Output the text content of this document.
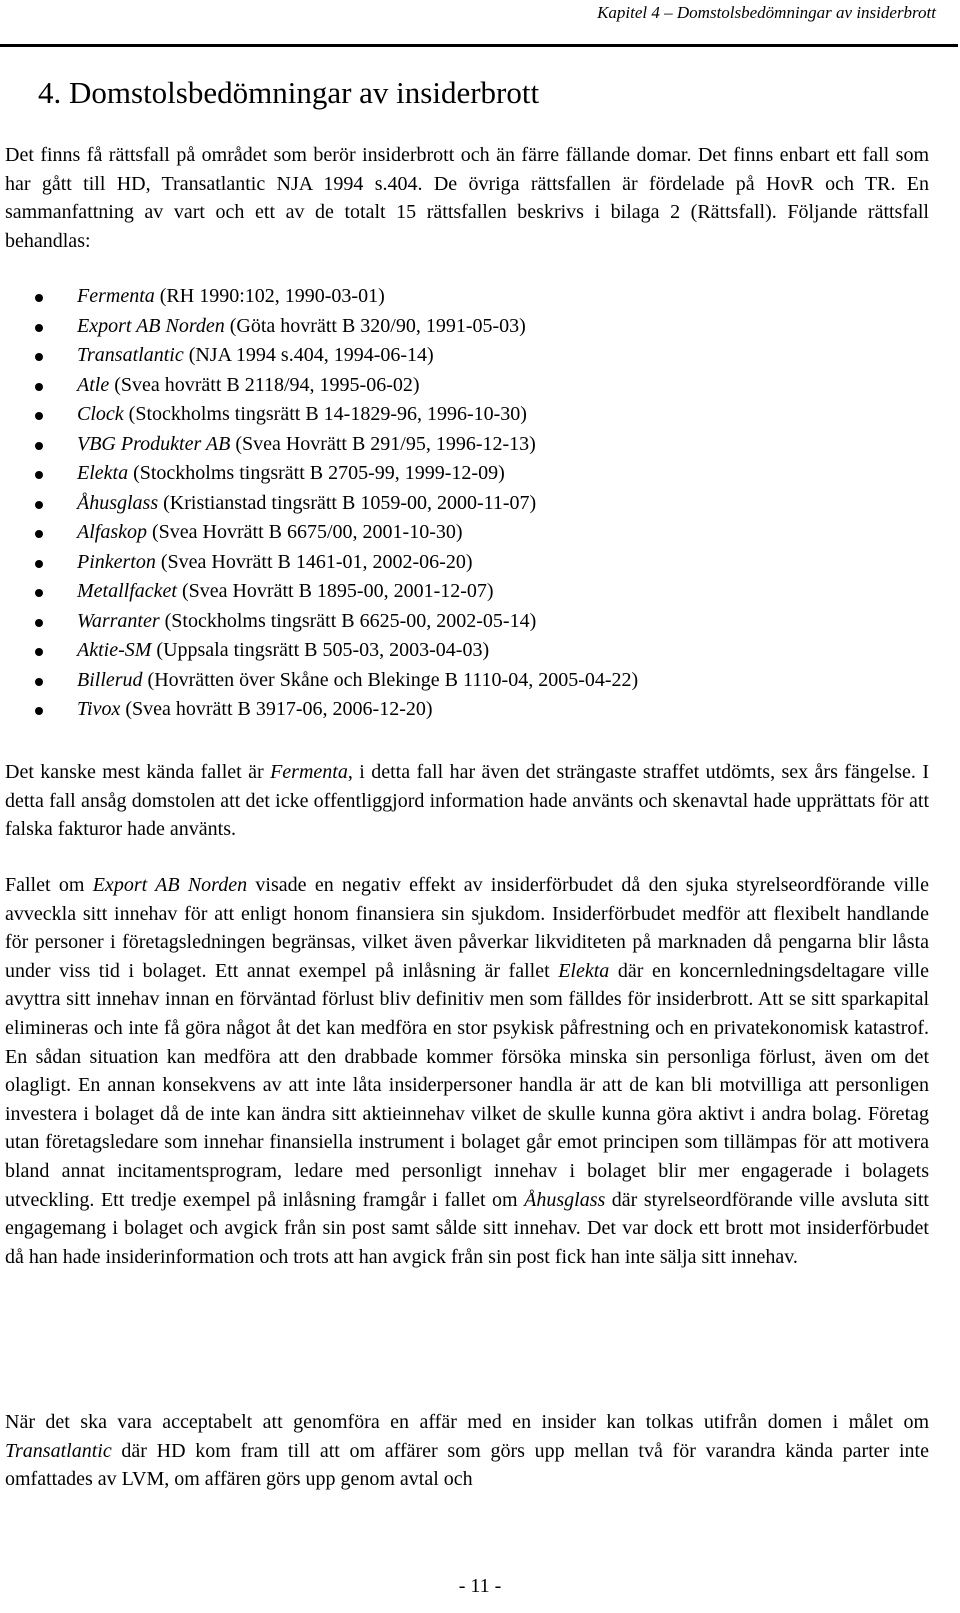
Kapitel 4 – Domstolsbedömningar av insiderbrott
4. Domstolsbedömningar av insiderbrott

Det finns få rättsfall på området som berör insiderbrott och än färre fällande domar. Det finns enbart ett fall som har gått till HD, Transatlantic NJA 1994 s.404. De övriga rättsfallen är fördelade på HovR och TR. En sammanfattning av vart och ett av de totalt 15 rättsfallen beskrivs i bilaga 2 (Rättsfall). Följande rättsfall behandlas:

Fermenta (RH 1990:102, 1990-03-01)
Export AB Norden (Göta hovrätt B 320/90, 1991-05-03)
Transatlantic (NJA 1994 s.404, 1994-06-14)
Atle (Svea hovrätt B 2118/94, 1995-06-02)
Clock (Stockholms tingsrätt B 14-1829-96, 1996-10-30)
VBG Produkter AB (Svea Hovrätt B 291/95, 1996-12-13)
Elekta (Stockholms tingsrätt B 2705-99, 1999-12-09)
Åhusglass (Kristianstad tingsrätt B 1059-00, 2000-11-07)
Alfaskop (Svea Hovrätt B 6675/00, 2001-10-30)
Pinkerton (Svea Hovrätt B 1461-01, 2002-06-20)
Metallfacket (Svea Hovrätt B 1895-00, 2001-12-07)
Warranter (Stockholms tingsrätt B 6625-00, 2002-05-14)
Aktie-SM (Uppsala tingsrätt B 505-03, 2003-04-03)
Billerud (Hovrätten över Skåne och Blekinge B 1110-04, 2005-04-22)
Tivox (Svea hovrätt B 3917-06, 2006-12-20)

Det kanske mest kända fallet är Fermenta, i detta fall har även det strängaste straffet utdömts, sex års fängelse. I detta fall ansåg domstolen att det icke offentliggjord information hade använts och skenavtal hade upprättats för att falska fakturor hade använts.

Fallet om Export AB Norden visade en negativ effekt av insiderförbudet då den sjuka styrelseordförande ville avveckla sitt innehav för att enligt honom finansiera sin sjukdom. Insiderförbudet medför att flexibelt handlande för personer i företagsledningen begränsas, vilket även påverkar likviditeten på marknaden då pengarna blir låsta under viss tid i bolaget. Ett annat exempel på inlåsning är fallet Elekta där en koncernledningsdeltagare ville avyttra sitt innehav innan en förväntad förlust bliv definitiv men som fälldes för insiderbrott. Att se sitt sparkapital elimineras och inte få göra något åt det kan medföra en stor psykisk påfrestning och en privatekonomisk katastrof. En sådan situation kan medföra att den drabbade kommer försöka minska sin personliga förlust, även om det olagligt. En annan konsekvens av att inte låta insiderpersoner handla är att de kan bli motvilliga att personligen investera i bolaget då de inte kan ändra sitt aktieinnehav vilket de skulle kunna göra aktivt i andra bolag. Företag utan företagsledare som innehar finansiella instrument i bolaget går emot principen som tillämpas för att motivera bland annat incitamentsprogram, ledare med personligt innehav i bolaget blir mer engagerade i bolagets utveckling. Ett tredje exempel på inlåsning framgår i fallet om Åhusglass där styrelseordförande ville avsluta sitt engagemang i bolaget och avgick från sin post samt sålde sitt innehav. Det var dock ett brott mot insiderförbudet då han hade insiderinformation och trots att han avgick från sin post fick han inte sälja sitt innehav.

När det ska vara acceptabelt att genomföra en affär med en insider kan tolkas utifrån domen i målet om Transatlantic där HD kom fram till att om affärer som görs upp mellan två för varandra kända parter inte omfattades av LVM, om affären görs upp genom avtal och

- 11 -
